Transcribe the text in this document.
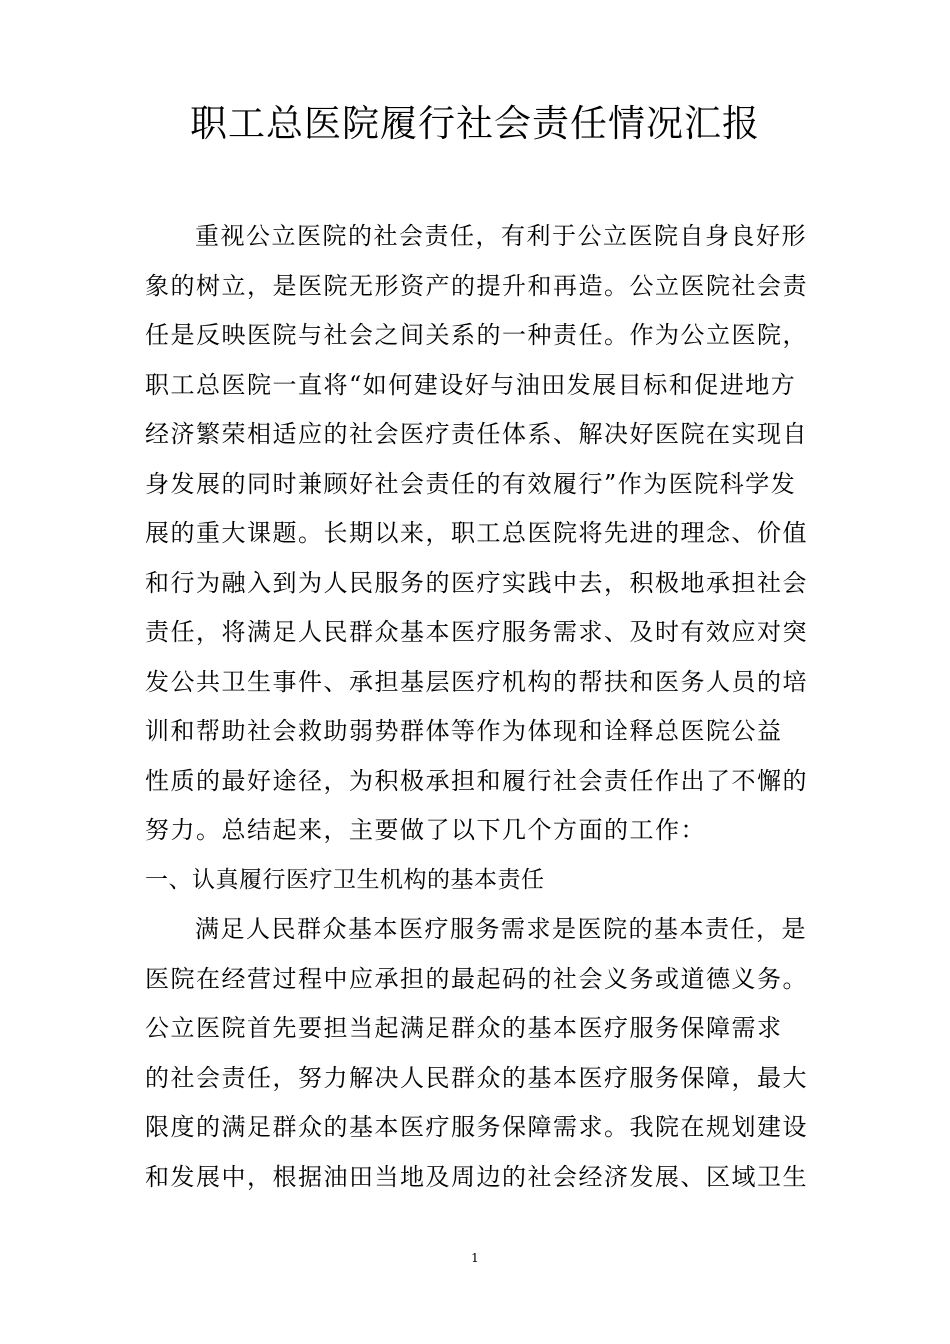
职工总医院履行社会责任情况汇报
重视公立医院的社会责任，有利于公立医院自身良好形
象的树立，是医院无形资产的提升和再造。公立医院社会责
任是反映医院与社会之间关系的一种责任。作为公立医院，
职工总医院一直将“如何建设好与油田发展目标和促进地方
经济繁荣相适应的社会医疗责任体系、解决好医院在实现自
身发展的同时兼顾好社会责任的有效履行”作为医院科学发
展的重大课题。长期以来，职工总医院将先进的理念、价值
和行为融入到为人民服务的医疗实践中去，积极地承担社会
责任，将满足人民群众基本医疗服务需求、及时有效应对突
发公共卫生事件、承担基层医疗机构的帮扶和医务人员的培
训和帮助社会救助弱势群体等作为体现和诠释总医院公益
性质的最好途径，为积极承担和履行社会责任作出了不懈的
努力。总结起来，主要做了以下几个方面的工作：
一、认真履行医疗卫生机构的基本责任
满足人民群众基本医疗服务需求是医院的基本责任，是
医院在经营过程中应承担的最起码的社会义务或道德义务。
公立医院首先要担当起满足群众的基本医疗服务保障需求
的社会责任，努力解决人民群众的基本医疗服务保障，最大
限度的满足群众的基本医疗服务保障需求。我院在规划建设
和发展中，根据油田当地及周边的社会经济发展、区域卫生
1
